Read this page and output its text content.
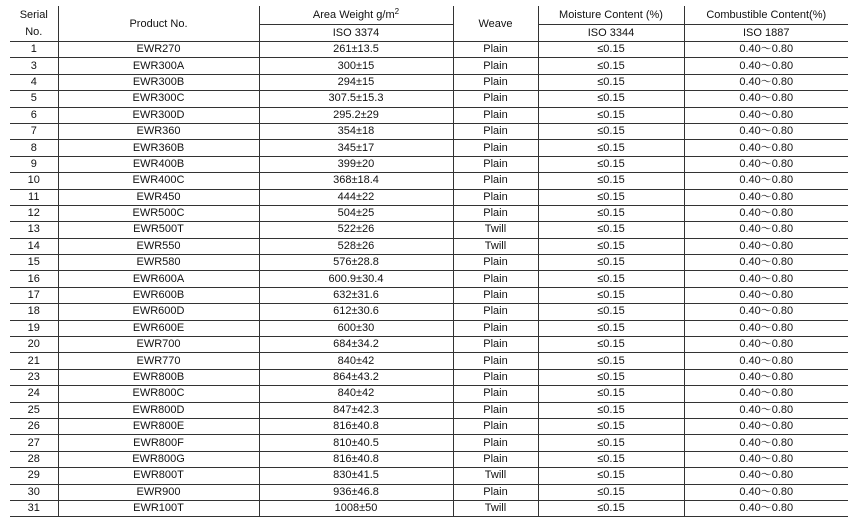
Serial
No.	Product No.	Area Weight $g/m^2$	Weave	Moisture Content (%)	Combustible Content(%)
		ISO 3374		ISO 3344	ISO 1887
1	EWR270	261±13.5	Plain	≤0.15	0.40～0.80
3	EWR300A	300±15	Plain	≤0.15	0.40～0.80
4	EWR300B	294±15	Plain	≤0.15	0.40～0.80
5	EWR300C	307.5±15.3	Plain	≤0.15	0.40～0.80
6	EWR300D	295.2±29	Plain	≤0.15	0.40～0.80
7	EWR360	354±18	Plain	≤0.15	0.40～0.80
8	EWR360B	345±17	Plain	≤0.15	0.40～0.80
9	EWR400B	399±20	Plain	≤0.15	0.40～0.80
10	EWR400C	368±18.4	Plain	≤0.15	0.40～0.80
11	EWR450	444±22	Plain	≤0.15	0.40～0.80
12	EWR500C	504±25	Plain	≤0.15	0.40～0.80
13	EWR500T	522±26	Twill	≤0.15	0.40～0.80
14	EWR550	528±26	Twill	≤0.15	0.40～0.80
15	EWR580	576±28.8	Plain	≤0.15	0.40～0.80
16	EWR600A	600.9±30.4	Plain	≤0.15	0.40～0.80
17	EWR600B	632±31.6	Plain	≤0.15	0.40～0.80
18	EWR600D	612±30.6	Plain	≤0.15	0.40～0.80
19	EWR600E	600±30	Plain	≤0.15	0.40～0.80
20	EWR700	684±34.2	Plain	≤0.15	0.40～0.80
21	EWR770	840±42	Plain	≤0.15	0.40～0.80
23	EWR800B	864±43.2	Plain	≤0.15	0.40～0.80
24	EWR800C	840±42	Plain	≤0.15	0.40～0.80
25	EWR800D	847±42.3	Plain	≤0.15	0.40～0.80
26	EWR800E	816±40.8	Plain	≤0.15	0.40～0.80
27	EWR800F	810±40.5	Plain	≤0.15	0.40～0.80
28	EWR800G	816±40.8	Plain	≤0.15	0.40～0.80
29	EWR800T	830±41.5	Twill	≤0.15	0.40～0.80
30	EWR900	936±46.8	Plain	≤0.15	0.40～0.80
31	EWR100T	1008±50	Twill	≤0.15	0.40～0.80
